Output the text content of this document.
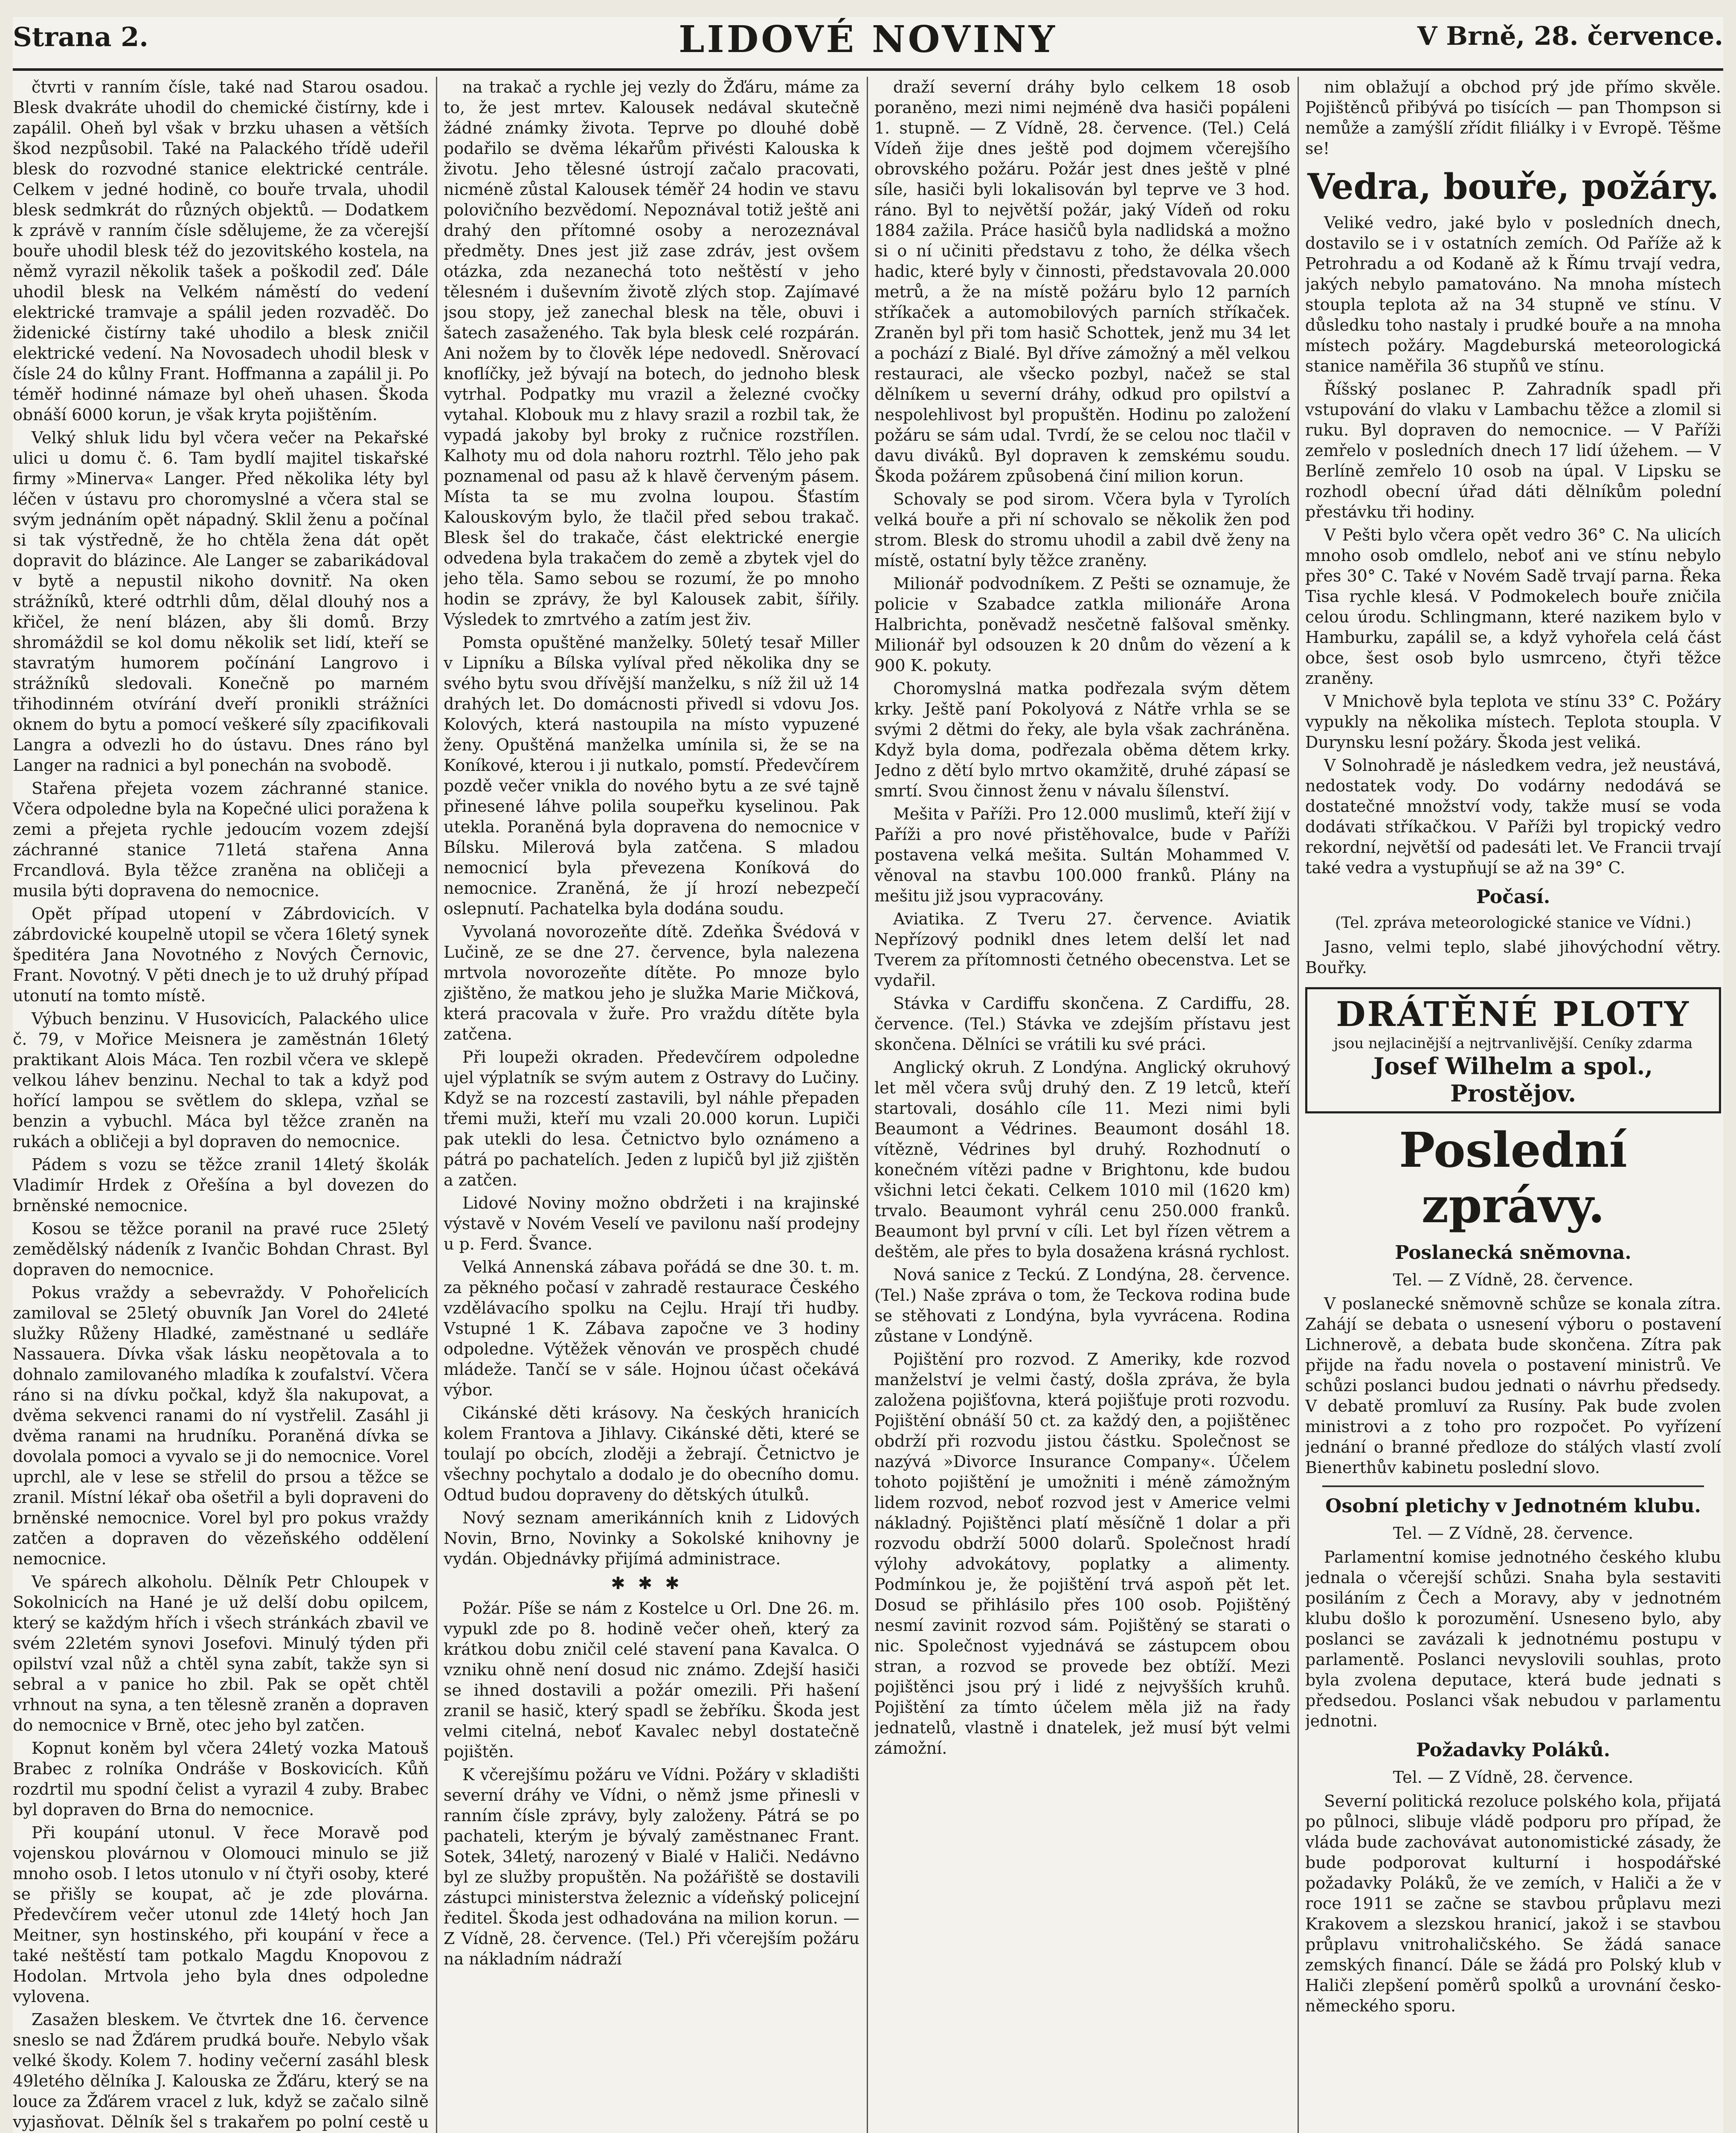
Strana 2.	LIDOVÉ NOVINY	V Brně, 28. července.

čtvrti v ranním čísle, také nad Starou osadou. Blesk dvakráte uhodil do chemické čistírny, kde i zapálil. Oheň byl však v brzku uhasen a větších škod nezpůsobil. Také na Palackého třídě udeřil blesk do rozvodné stanice elektrické centrále. Celkem v jedné hodině, co bouře trvala, uhodil blesk sedmkrát do různých objektů. — Dodatkem k zprávě v ranním čísle sdělujeme, že za včerejší bouře uhodil blesk též do jezovitského kostela, na němž vyrazil několik tašek a poškodil zeď. Dále uhodil blesk na Velkém náměstí do vedení elektrické tramvaje a spálil jeden rozvaděč. Do židenické čistírny také uhodilo a blesk zničil elektrické vedení. Na Novosadech uhodil blesk v čísle 24 do kůlny Frant. Hoffmanna a zapálil ji. Po téměř hodinné námaze byl oheň uhasen. Škoda obnáší 6000 korun, je však kryta pojištěním.

Velký shluk lidu byl včera večer na Pekařské ulici u domu č. 6. Tam bydlí majitel tiskařské firmy »Minerva« Langer. Před několika léty byl léčen v ústavu pro choromyslné a včera stal se svým jednáním opět nápadný. Sklil ženu a počínal si tak výstředně, že ho chtěla žena dát opět dopravit do blázince. Ale Langer se zabarikádoval v bytě a nepustil nikoho dovnitř. Na oken strážníků, které odtrhli dům, dělal dlouhý nos a křičel, že není blázen, aby šli domů. Brzy shromáždil se kol domu několik set lidí, kteří se stavratým humorem počínání Langrovo i strážníků sledovali. Konečně po marném třihodinném otvírání dveří pronikli strážníci oknem do bytu a pomocí veškeré síly zpacifikovali Langra a odvezli ho do ústavu. Dnes ráno byl Langer na radnici a byl ponechán na svobodě.

Stařena přejeta vozem záchranné stanice. Včera odpoledne byla na Kopečné ulici poražena k zemi a přejeta rychle jedoucím vozem zdejší záchranné stanice 71letá stařena Anna Frcandlová. Byla těžce zraněna na obličeji a musila býti dopravena do nemocnice.

Opět případ utopení v Zábrdovicích. V zábrdovické koupelně utopil se včera 16letý synek špeditéra Jana Novotného z Nových Černovic, Frant. Novotný. V pěti dnech je to už druhý případ utonutí na tomto místě.

Výbuch benzinu. V Husovicích, Palackého ulice č. 79, v Mořice Meisnera je zaměstnán 16letý praktikant Alois Máca. Ten rozbil včera ve sklepě velkou láhev benzinu. Nechal to tak a když pod hořící lampou se světlem do sklepa, vzňal se benzin a vybuchl. Máca byl těžce zraněn na rukách a obličeji a byl dopraven do nemocnice.

Pádem s vozu se těžce zranil 14letý školák Vladimír Hrdek z Ořešína a byl dovezen do brněnské nemocnice.

Kosou se těžce poranil na pravé ruce 25letý zemědělský nádeník z Ivančic Bohdan Chrast. Byl dopraven do nemocnice.

Pokus vraždy a sebevraždy. V Pohořelicích zamiloval se 25letý obuvník Jan Vorel do 24leté služky Růženy Hladké, zaměstnané u sedláře Nassauera. Dívka však lásku neopětovala a to dohnalo zamilovaného mladíka k zoufalství. Včera ráno si na dívku počkal, když šla nakupovat, a dvěma sekvenci ranami do ní vystřelil. Zasáhl ji dvěma ranami na hrudníku. Poraněná dívka se dovolala pomoci a vyvalo se ji do nemocnice. Vorel uprchl, ale v lese se střelil do prsou a těžce se zranil. Místní lékař oba ošetřil a byli dopraveni do brněnské nemocnice. Vorel byl pro pokus vraždy zatčen a dopraven do vězeňského oddělení nemocnice.

Ve spárech alkoholu. Dělník Petr Chloupek v Sokolnicích na Hané je už delší dobu opilcem, který se každým hřích i všech stránkách zbavil ve svém 22letém synovi Josefovi. Minulý týden při opilství vzal nůž a chtěl syna zabít, takže syn si sebral a v panice ho zbil. Pak se opět chtěl vrhnout na syna, a ten tělesně zraněn a dopraven do nemocnice v Brně, otec jeho byl zatčen.

Kopnut koněm byl včera 24letý vozka Matouš Brabec z rolníka Ondráše v Boskovicích. Kůň rozdrtil mu spodní čelist a vyrazil 4 zuby. Brabec byl dopraven do Brna do nemocnice.

Při koupání utonul. V řece Moravě pod vojenskou plovárnou v Olomouci minulo se již mnoho osob. I letos utonulo v ní čtyři osoby, které se přišly se koupat, ač je zde plovárna. Předevčírem večer utonul zde 14letý hoch Jan Meitner, syn hostinského, při koupání v řece a také neštěstí tam potkalo Magdu Knopovou z Hodolan. Mrtvola jeho byla dnes odpoledne vylovena.

Zasažen bleskem. Ve čtvrtek dne 16. července sneslo se nad Žďárem prudká bouře. Nebylo však velké škody. Kolem 7. hodiny večerní zasáhl blesk 49letého dělníka J. Kalouska ze Žďáru, který se na louce za Žďárem vracel z luk, když se začalo silně vyjasňovat. Dělník šel s trakařem po polní cestě u

na trakač a rychle jej vezly do Žďáru, máme za to, že jest mrtev. Kalousek nedával skutečně žádné známky života. Teprve po dlouhé době podařilo se dvěma lékařům přivésti Kalouska k životu. Jeho tělesné ústrojí začalo pracovati, nicméně zůstal Kalousek téměř 24 hodin ve stavu polovičního bezvědomí. Nepoznával totiž ještě ani drahý den přítomné osoby a nerozeznával předměty. Dnes jest již zase zdráv, jest ovšem otázka, zda nezanechá toto neštěstí v jeho tělesném i duševním životě zlých stop. Zajímavé jsou stopy, jež zanechal blesk na těle, obuvi i šatech zasaženého. Tak byla blesk celé rozpárán. Ani nožem by to člověk lépe nedovedl. Sněrovací knoflíčky, jež bývají na botech, do jednoho blesk vytrhal. Podpatky mu vrazil a železné cvočky vytahal. Klobouk mu z hlavy srazil a rozbil tak, že vypadá jakoby byl broky z ručnice rozstřílen. Kalhoty mu od dola nahoru roztrhl. Tělo jeho pak poznamenal od pasu až k hlavě červeným pásem. Místa ta se mu zvolna loupou. Šťastím Kalouskovým bylo, že tlačil před sebou trakač. Blesk šel do trakače, část elektrické energie odvedena byla trakačem do země a zbytek vjel do jeho těla. Samo sebou se rozumí, že po mnoho hodin se zprávy, že byl Kalousek zabit, šířily. Výsledek to zmrtvého a zatím jest živ.

Pomsta opuštěné manželky. 50letý tesař Miller v Lipníku a Bílska vylíval před několika dny se svého bytu svou dřívější manželku, s níž žil už 14 drahých let. Do domácnosti přivedl si vdovu Jos. Kolových, která nastoupila na místo vypuzené ženy. Opuštěná manželka umínila si, že se na Koníkové, kterou i ji nutkalo, pomstí. Předevčírem pozdě večer vnikla do nového bytu a ze své tajně přinesené láhve polila soupeřku kyselinou. Pak utekla. Poraněná byla dopravena do nemocnice v Bílsku. Milerová byla zatčena. S mladou nemocnicí byla převezena Koníková do nemocnice. Zraněná, že jí hrozí nebezpečí oslepnutí. Pachatelka byla dodána soudu.

Vyvolaná novorozeňte dítě. Zdeňka Švédová v Lučině, ze se dne 27. července, byla nalezena mrtvola novorozeňte dítěte. Po mnoze bylo zjištěno, že matkou jeho je služka Marie Mičková, která pracovala v žuře. Pro vraždu dítěte byla zatčena.

Při loupeži okraden. Předevčírem odpoledne ujel výplatník se svým autem z Ostravy do Lučiny. Když se na rozcestí zastavili, byl náhle přepaden třemi muži, kteří mu vzali 20.000 korun. Lupiči pak utekli do lesa. Četnictvo bylo oznámeno a pátrá po pachatelích. Jeden z lupičů byl již zjištěn a zatčen.

Lidové Noviny možno obdržeti i na krajinské výstavě v Novém Veselí ve pavilonu naší prodejny u p. Ferd. Švance.

Velká Annenská zábava pořádá se dne 30. t. m. za pěkného počasí v zahradě restaurace Českého vzdělávacího spolku na Cejlu. Hrají tři hudby. Vstupné 1 K. Zábava započne ve 3 hodiny odpoledne. Výtěžek věnován ve prospěch chudé mládeže. Tančí se v sále. Hojnou účast očekává výbor.

Cikánské děti krásovy. Na českých hranicích kolem Frantova a Jihlavy. Cikánské děti, které se toulají po obcích, zloději a žebrají. Četnictvo je všechny pochytalo a dodalo je do obecního domu. Odtud budou dopraveny do dětských útulků.

Nový seznam amerikánních knih z Lidových Novin, Brno, Novinky a Sokolské knihovny je vydán. Objednávky přijímá administrace.

✱✱✱

Požár. Píše se nám z Kostelce u Orl. Dne 26. m. vypukl zde po 8. hodině večer oheň, který za krátkou dobu zničil celé stavení pana Kavalca. O vzniku ohně není dosud nic známo. Zdejší hasiči se ihned dostavili a požár omezili. Při hašení zranil se hasič, který spadl se žebříku. Škoda jest velmi citelná, neboť Kavalec nebyl dostatečně pojištěn.

K včerejšímu požáru ve Vídni. Požáry v skladišti severní dráhy ve Vídni, o němž jsme přinesli v ranním čísle zprávy, byly založeny. Pátrá se po pachateli, kterým je bývalý zaměstnanec Frant. Sotek, 34letý, narozený v Bialé v Haliči. Nedávno byl ze služby propuštěn. Na požářiště se dostavili zástupci ministerstva železnic a vídeňský policejní ředitel. Škoda jest odhadována na milion korun. — Z Vídně, 28. července. (Tel.) Při včerejším požáru na nákladním nádraží

draží severní dráhy bylo celkem 18 osob poraněno, mezi nimi nejméně dva hasiči popáleni 1. stupně. — Z Vídně, 28. července. (Tel.) Celá Vídeň žije dnes ještě pod dojmem včerejšího obrovského požáru. Požár jest dnes ještě v plné síle, hasiči byli lokalisován byl teprve ve 3 hod. ráno. Byl to největší požár, jaký Vídeň od roku 1884 zažila. Práce hasičů byla nadlidská a možno si o ní učiniti představu z toho, že délka všech hadic, které byly v činnosti, představovala 20.000 metrů, a že na místě požáru bylo 12 parních stříkaček a automobilových parních stříkaček. Zraněn byl při tom hasič Schottek, jenž mu 34 let a pochází z Bialé. Byl dříve zámožný a měl velkou restauraci, ale všecko pozbyl, načež se stal dělníkem u severní dráhy, odkud pro opilství a nespolehlivost byl propuštěn. Hodinu po založení požáru se sám udal. Tvrdí, že se celou noc tlačil v davu diváků. Byl dopraven k zemskému soudu. Škoda požárem způsobená činí milion korun.

Schovaly se pod sirom. Včera byla v Tyrolích velká bouře a při ní schovalo se několik žen pod strom. Blesk do stromu uhodil a zabil dvě ženy na místě, ostatní byly těžce zraněny.

Milionář podvodníkem. Z Pešti se oznamuje, že policie v Szabadce zatkla milionáře Arona Halbrichta, poněvadž nesčetně falšoval směnky. Milionář byl odsouzen k 20 dnům do vězení a k 900 K. pokuty.

Choromyslná matka podřezala svým dětem krky. Ještě paní Pokolyová z Nátře vrhla se se svými 2 dětmi do řeky, ale byla však zachráněna. Když byla doma, podřezala oběma dětem krky. Jedno z dětí bylo mrtvo okamžitě, druhé zápasí se smrtí. Svou činnost ženu v návalu šílenství.

Mešita v Paříži. Pro 12.000 muslimů, kteří žijí v Paříži a pro nové přistěhovalce, bude v Paříži postavena velká mešita. Sultán Mohammed V. věnoval na stavbu 100.000 franků. Plány na mešitu již jsou vypracovány.

Aviatika. Z Tveru 27. července. Aviatik Nepřízový podnikl dnes letem delší let nad Tverem za přítomnosti četného obecenstva. Let se vydařil.

Stávka v Cardiffu skončena. Z Cardiffu, 28. července. (Tel.) Stávka ve zdejším přístavu jest skončena. Dělníci se vrátili ku své práci.

Anglický okruh. Z Londýna. Anglický okruhový let měl včera svůj druhý den. Z 19 letců, kteří startovali, dosáhlo cíle 11. Mezi nimi byli Beaumont a Védrines. Beaumont dosáhl 18. vítězně, Védrines byl druhý. Rozhodnutí o konečném vítězi padne v Brightonu, kde budou všichni letci čekati. Celkem 1010 mil (1620 km) trvalo. Beaumont vyhrál cenu 250.000 franků. Beaumont byl první v cíli. Let byl řízen větrem a deštěm, ale přes to byla dosažena krásná rychlost.

Nová sanice z Teckú. Z Londýna, 28. července. (Tel.) Naše zpráva o tom, že Teckova rodina bude se stěhovati z Londýna, byla vyvrácena. Rodina zůstane v Londýně.

Pojištění pro rozvod. Z Ameriky, kde rozvod manželství je velmi častý, došla zpráva, že byla založena pojišťovna, která pojišťuje proti rozvodu. Pojištění obnáší 50 ct. za každý den, a pojištěnec obdrží při rozvodu jistou částku. Společnost se nazývá »Divorce Insurance Company«. Účelem tohoto pojištění je umožniti i méně zámožným lidem rozvod, neboť rozvod jest v Americe velmi nákladný. Pojištěnci platí měsíčně 1 dolar a při rozvodu obdrží 5000 dolarů. Společnost hradí výlohy advokátovy, poplatky a alimenty. Podmínkou je, že pojištění trvá aspoň pět let. Dosud se přihlásilo přes 100 osob. Pojištěný nesmí zavinit rozvod sám. Pojištěný se starati o nic. Společnost vyjednává se zástupcem obou stran, a rozvod se provede bez obtíží. Mezi pojištěnci jsou prý i lidé z nejvyšších kruhů. Pojištění za tímto účelem měla již na řady jednatelů, vlastně i dnatelek, jež musí být velmi zámožní.

nim oblažují a obchod prý jde přímo skvěle. Pojištěnců přibývá po tisících — pan Thompson si nemůže a zamýšlí zřídit filiálky i v Evropě. Těšme se!

Vedra, bouře, požáry.

Veliké vedro, jaké bylo v posledních dnech, dostavilo se i v ostatních zemích. Od Paříže až k Petrohradu a od Kodaně až k Římu trvají vedra, jakých nebylo pamatováno. Na mnoha místech stoupla teplota až na 34 stupně ve stínu. V důsledku toho nastaly i prudké bouře a na mnoha místech požáry. Magdeburská meteorologická stanice naměřila 36 stupňů ve stínu.

Říšský poslanec P. Zahradník spadl při vstupování do vlaku v Lambachu těžce a zlomil si ruku. Byl dopraven do nemocnice. — V Paříži zemřelo v posledních dnech 17 lidí úžehem. — V Berlíně zemřelo 10 osob na úpal. V Lipsku se rozhodl obecní úřad dáti dělníkům polední přestávku tři hodiny.

V Pešti bylo včera opět vedro 36° C. Na ulicích mnoho osob omdlelo, neboť ani ve stínu nebylo přes 30° C. Také v Novém Sadě trvají parna. Řeka Tisa rychle klesá. V Podmokelech bouře zničila celou úrodu. Schlingmann, které nazikem bylo v Hamburku, zapálil se, a když vyhořela celá část obce, šest osob bylo usmrceno, čtyři těžce zraněny.

V Mnichově byla teplota ve stínu 33° C. Požáry vypukly na několika místech. Teplota stoupla. V Durynsku lesní požáry. Škoda jest veliká.

V Solnohradě je následkem vedra, jež neustává, nedostatek vody. Do vodárny nedodává se dostatečné množství vody, takže musí se voda dodávati stříkačkou. V Paříži byl tropický vedro rekordní, největší od padesáti let. Ve Francii trvají také vedra a vystupňují se až na 39° C.

Počasí.
(Tel. zpráva meteorologické stanice ve Vídni.)

Jasno, velmi teplo, slabé jihovýchodní větry. Bouřky.

DRÁTĚNÉ PLOTY
jsou nejlacinější a nejtrvanlivější. Ceníky zdarma
Josef Wilhelm a spol., Prostějov.
Poslední zprávy.
Poslanecká sněmovna.
Tel. — Z Vídně, 28. července.

V poslanecké sněmovně schůze se konala zítra. Zahájí se debata o usnesení výboru o postavení Lichnerově, a debata bude skončena. Zítra pak přijde na řadu novela o postavení ministrů. Ve schůzi poslanci budou jednati o návrhu předsedy. V debatě promluví za Rusíny. Pak bude zvolen ministrovi a z toho pro rozpočet. Po vyřízení jednání o branné předloze do stálých vlastí zvolí Bienerthův kabinetu poslední slovo.

Osobní pletichy v Jednotném klubu.
Tel. — Z Vídně, 28. července.

Parlamentní komise jednotného českého klubu jednala o včerejší schůzi. Snaha byla sestaviti posiláním z Čech a Moravy, aby v jednotném klubu došlo k porozumění. Usneseno bylo, aby poslanci se zavázali k jednotnému postupu v parlamentě. Poslanci nevyslovili souhlas, proto byla zvolena deputace, která bude jednati s předsedou. Poslanci však nebudou v parlamentu jednotni.

Požadavky Poláků.
Tel. — Z Vídně, 28. července.

Severní politická rezoluce polského kola, přijatá po půlnoci, slibuje vládě podporu pro případ, že vláda bude zachovávat autonomistické zásady, že bude podporovat kulturní i hospodářské požadavky Poláků, že ve zemích, v Haliči a že v roce 1911 se začne se stavbou průplavu mezi Krakovem a slezskou hranicí, jakož i se stavbou průplavu vnitrohaličského. Se žádá sanace zemských financí. Dále se žádá pro Polský klub v Haliči zlepšení poměrů spolků a urovnání česko-německého sporu.
